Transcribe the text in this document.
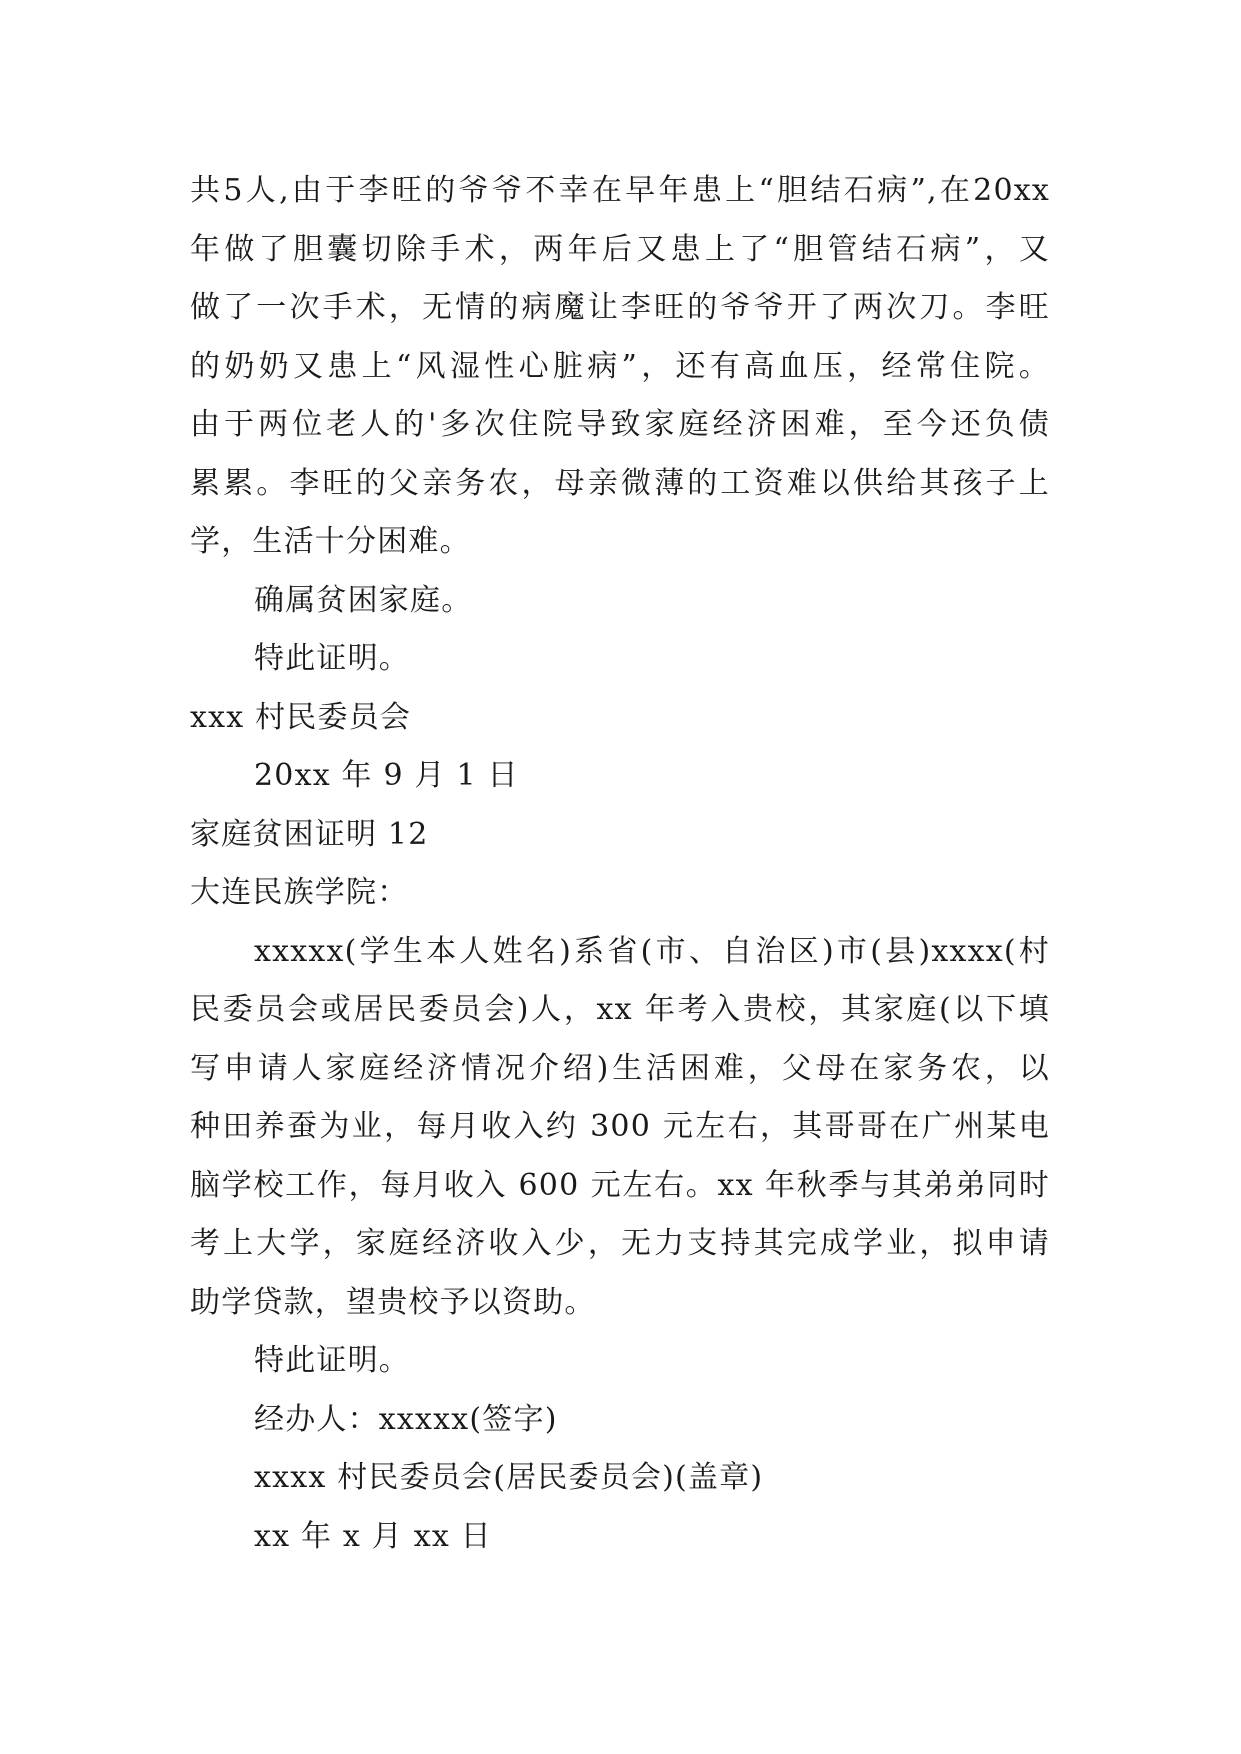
共5人,由于李旺的爷爷不幸在早年患上“胆结石病”,在20xx
年做了胆囊切除手术，两年后又患上了“胆管结石病”，又
做了一次手术，无情的病魔让李旺的爷爷开了两次刀。李旺
的奶奶又患上“风湿性心脏病”，还有高血压，经常住院。
由于两位老人的'多次住院导致家庭经济困难，至今还负债
累累。李旺的父亲务农，母亲微薄的工资难以供给其孩子上
学，生活十分困难。
确属贫困家庭。
特此证明。
xxx 村民委员会
20xx 年 9 月 1 日
家庭贫困证明 12
大连民族学院：
xxxxx(学生本人姓名)系省(市、自治区)市(县)xxxx(村
民委员会或居民委员会)人，xx 年考入贵校，其家庭(以下填
写申请人家庭经济情况介绍)生活困难，父母在家务农，以
种田养蚕为业，每月收入约 300 元左右，其哥哥在广州某电
脑学校工作，每月收入 600 元左右。xx 年秋季与其弟弟同时
考上大学，家庭经济收入少，无力支持其完成学业，拟申请
助学贷款，望贵校予以资助。
特此证明。
经办人：xxxxx(签字)
xxxx 村民委员会(居民委员会)(盖章)
xx 年 x 月 xx 日
